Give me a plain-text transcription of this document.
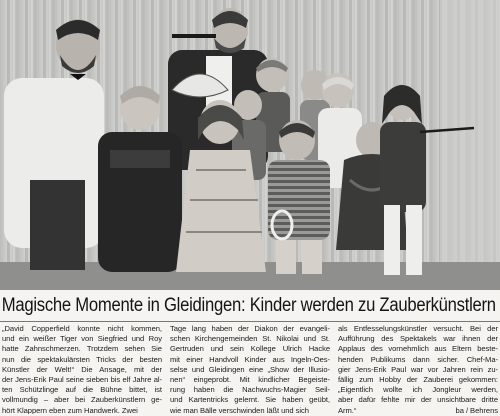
Magische Momente in Gleidingen: Kinder werden zu Zauberkünstlern
„David Copperfield konnte nicht kommen,
und ein weißer Tiger von Siegfried und Roy
hatte Zahnschmerzen. Trotzdem sehen Sie
nun die spektakulärsten Tricks der besten
Künstler der Welt!“ Die Ansage, mit der
der Jens-Erik Paul seine sieben bis elf Jahre al-
ten Schützlinge auf die Bühne bittet, ist
vollmundig – aber bei Zauberkünstlern ge-
hört Klappern eben zum Handwerk. Zwei
Tage lang haben der Diakon der evangeli-
schen Kirchengemeinden St. Nikolai und St.
Gertruden und sein Kollege Ulrich Hacke
mit einer Handvoll Kinder aus Ingeln-Oes-
selse und Gleidingen eine „Show der Illusio-
nen“ eingeprobt. Mit kindlicher Begeiste-
rung haben die Nachwuchs-Magier Seil-
und Kartentricks gelernt. Sie haben geübt,
wie man Bälle verschwinden läßt und sich
als Entfesselungskünstler versucht. Bei der
Aufführung des Spektakels war ihnen der
Applaus des vornehmlich aus Eltern beste-
henden Publikums dann sicher. Chef-Ma-
gier Jens-Erik Paul war vor Jahren rein zu-
fällig zum Hobby der Zauberei gekommen:
„Eigentlich wollte ich Jongleur werden,
aber dafür fehlte mir der unsichtbare dritte
Arm.“	ba / Behrens
